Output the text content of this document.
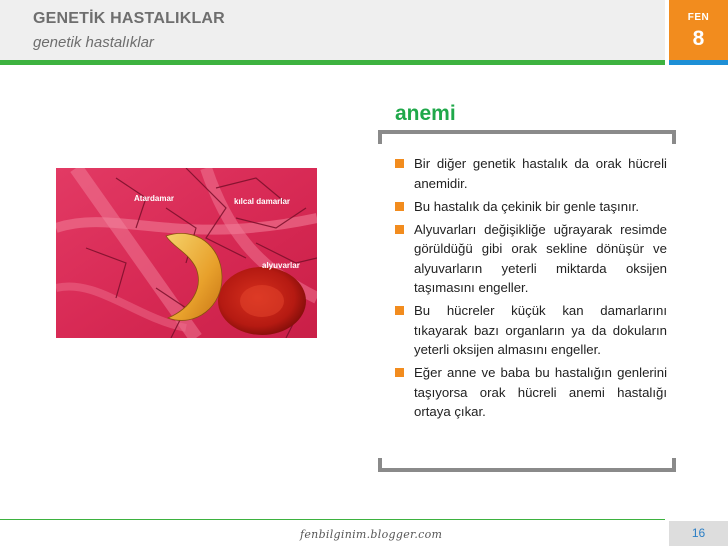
GENETİK HASTALIKLAR
genetik hastalıklar
FEN
8
Atardamar	kılcal damarlar
alyuvarlar
anemi
Bir diğer genetik hastalık da orak hücreli anemidir.
Bu hastalık da çekinik bir genle taşınır.
Alyuvarları değişikliğe uğrayarak resimde görüldüğü gibi orak sekline dönüşür ve alyuvarların yeterli miktarda oksijen taşımasını engeller.
Bu hücreler küçük kan damarlarını tıkayarak bazı organların ya da dokuların yeterli oksijen almasını engeller.
Eğer anne ve baba bu hastalığın genlerini taşıyorsa orak hücreli anemi hastalığı ortaya çıkar.
fenbilginim.blogger.com	16
